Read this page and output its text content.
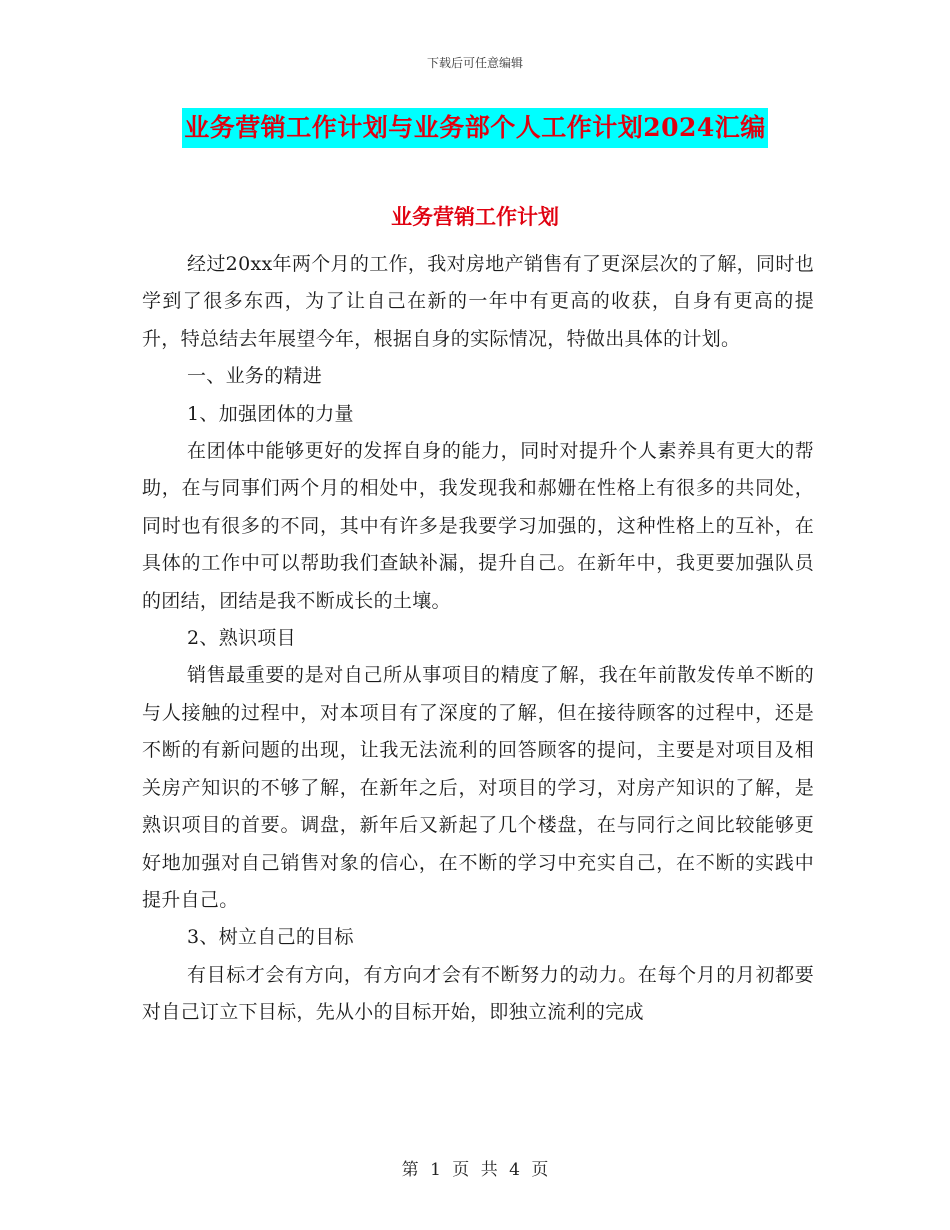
下载后可任意编辑
业务营销工作计划与业务部个人工作计划2024汇编
业务营销工作计划

经过20xx年两个月的工作，我对房地产销售有了更深层次的了解，同时也学到了很多东西，为了让自己在新的一年中有更高的收获，自身有更高的提升，特总结去年展望今年，根据自身的实际情况，特做出具体的计划。

一、业务的精进

1、加强团体的力量

在团体中能够更好的发挥自身的能力，同时对提升个人素养具有更大的帮助，在与同事们两个月的相处中，我发现我和郝姗在性格上有很多的共同处，同时也有很多的不同，其中有许多是我要学习加强的，这种性格上的互补，在具体的工作中可以帮助我们查缺补漏，提升自己。在新年中，我更要加强队员的团结，团结是我不断成长的土壤。

2、熟识项目

销售最重要的是对自己所从事项目的精度了解，我在年前散发传单不断的与人接触的过程中，对本项目有了深度的了解，但在接待顾客的过程中，还是不断的有新问题的出现，让我无法流利的回答顾客的提问，主要是对项目及相关房产知识的不够了解，在新年之后，对项目的学习，对房产知识的了解，是熟识项目的首要。调盘，新年后又新起了几个楼盘，在与同行之间比较能够更好地加强对自己销售对象的信心，在不断的学习中充实自己，在不断的实践中提升自己。

3、树立自己的目标

有目标才会有方向，有方向才会有不断努力的动力。在每个月的月初都要对自己订立下目标，先从小的目标开始，即独立流利的完成

第 1 页 共 4 页
